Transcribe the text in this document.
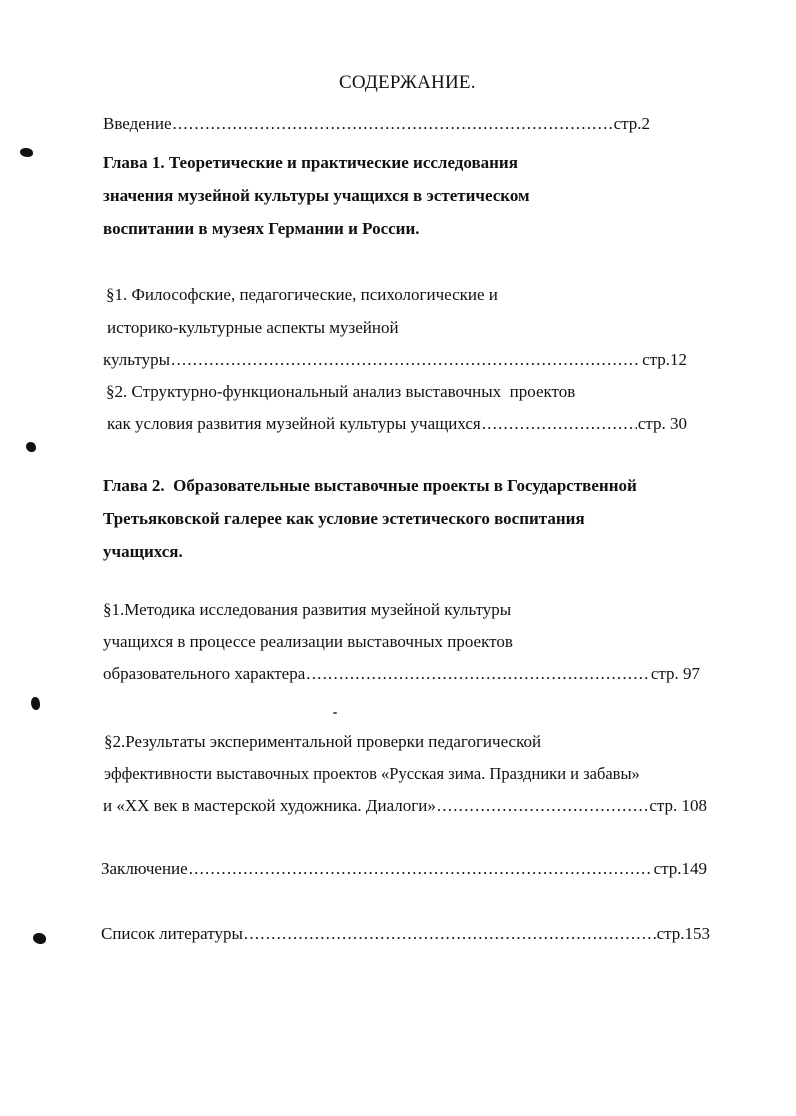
СОДЕРЖАНИЕ.
Введение .....	стр.2
Глава 1. Теоретические и практические исследования
значения музейной культуры учащихся в эстетическом
воспитании в музеях Германии и России.
§1. Философские, педагогические, психологические и
историко-культурные аспекты музейной
культуры .....	стр.12
§2. Структурно-функциональный анализ выставочных  проектов
как условия развития музейной культуры учащихся .....	стр. 30
Глава 2.  Образовательные выставочные проекты в Государственной
Третьяковской галерее как условие эстетического воспитания
учащихся.
§1.Методика исследования развития музейной культуры
учащихся в процессе реализации выставочных проектов
образовательного характера .....	стр. 97
§2.Результаты экспериментальной проверки педагогической
эффективности выставочных проектов «Русская зима. Праздники и забавы»
и «XX век в мастерской художника. Диалоги» .....	стр. 108
Заключение .....	стр.149
Список литературы .....	стр.153
